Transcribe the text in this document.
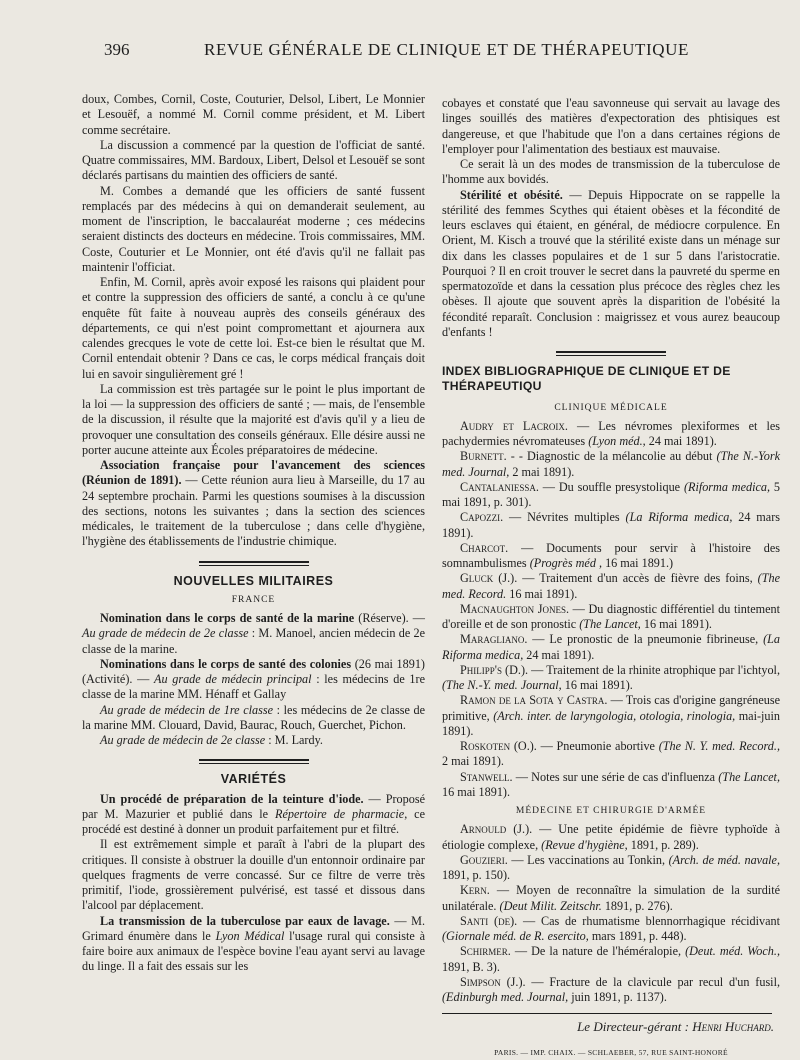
396	REVUE GÉNÉRALE DE CLINIQUE ET DE THÉRAPEUTIQUE

doux, Combes, Cornil, Coste, Couturier, Delsol, Libert, Le Monnier et Lesouëf, a nommé M. Cornil comme président, et M. Libert comme secrétaire.

La discussion a commencé par la question de l'officiat de santé. Quatre commissaires, MM. Bardoux, Libert, Delsol et Lesouëf se sont déclarés partisans du maintien des officiers de santé.

M. Combes a demandé que les officiers de santé fussent remplacés par des médecins à qui on demanderait seulement, au moment de l'inscription, le baccalauréat moderne ; ces médecins seraient distincts des docteurs en médecine. Trois commissaires, MM. Coste, Couturier et Le Monnier, ont été d'avis qu'il ne fallait pas maintenir l'officiat.

Enfin, M. Cornil, après avoir exposé les raisons qui plaident pour et contre la suppression des officiers de santé, a conclu à ce qu'une enquête fût faite à nouveau auprès des conseils généraux des départements, ce qui n'est point compromettant et ajournera aux calendes grecques le vote de cette loi. Est-ce bien le résultat que M. Cornil entendait obtenir ? Dans ce cas, le corps médical français doit lui en savoir singulièrement gré !

La commission est très partagée sur le point le plus important de la loi — la suppression des officiers de santé ; — mais, de l'ensemble de la discussion, il résulte que la majorité est d'avis qu'il y a lieu de provoquer une consultation des conseils généraux. Elle désire aussi ne porter aucune atteinte aux Écoles préparatoires de médecine.

Association française pour l'avancement des sciences (Réunion de 1891). — Cette réunion aura lieu à Marseille, du 17 au 24 septembre prochain. Parmi les questions soumises à la discussion des sections, notons les suivantes ; dans la section des sciences médicales, le traitement de la tuberculose ; dans celle d'hygiène, l'hygiène des établissements de l'industrie chimique.

NOUVELLES MILITAIRES
FRANCE

Nomination dans le corps de santé de la marine (Réserve). — Au grade de médecin de 2e classe : M. Manoel, ancien médecin de 2e classe de la marine.

Nominations dans le corps de santé des colonies (26 mai 1891) (Activité). — Au grade de médecin principal : les médecins de 1re classe de la marine MM. Hénaff et Gallay

Au grade de médecin de 1re classe : les médecins de 2e classe de la marine MM. Clouard, David, Baurac, Rouch, Guerchet, Pichon.

Au grade de médecin de 2e classe : M. Lardy.

VARIÉTÉS

Un procédé de préparation de la teinture d'iode. — Proposé par M. Mazurier et publié dans le Répertoire de pharmacie, ce procédé est destiné à donner un produit parfaitement pur et filtré.

Il est extrêmement simple et paraît à l'abri de la plupart des critiques. Il consiste à obstruer la douille d'un entonnoir ordinaire par quelques fragments de verre concassé. Sur ce filtre de verre très primitif, l'iode, grossièrement pulvérisé, est tassé et dissous dans l'alcool par déplacement.

La transmission de la tuberculose par eaux de lavage. — M. Grimard énumère dans le Lyon Médical l'usage rural qui consiste à faire boire aux animaux de l'espèce bovine l'eau ayant servi au lavage du linge. Il a fait des essais sur les

cobayes et constaté que l'eau savonneuse qui servait au lavage des linges souillés des matières d'expectoration des phtisiques est dangereuse, et que l'habitude que l'on a dans certaines régions de l'employer pour l'alimentation des bestiaux est mauvaise.

Ce serait là un des modes de transmission de la tuberculose de l'homme aux bovidés.

Stérilité et obésité. — Depuis Hippocrate on se rappelle la stérilité des femmes Scythes qui étaient obèses et la fécondité de leurs esclaves qui étaient, en général, de médiocre corpulence. En Orient, M. Kisch a trouvé que la stérilité existe dans un ménage sur dix dans les classes populaires et de 1 sur 5 dans l'aristocratie. Pourquoi ? Il en croit trouver le secret dans la pauvreté du sperme en spermatozoïde et dans la cessation plus précoce des règles chez les obèses. Il ajoute que souvent après la disparition de l'obésité la fécondité reparaît. Conclusion : maigrissez et vous aurez beaucoup d'enfants !

INDEX BIBLIOGRAPHIQUE DE CLINIQUE ET DE THÉRAPEUTIQU
CLINIQUE MÉDICALE

Audry et Lacroix. — Les névromes plexiformes et les pachydermies névromateuses (Lyon méd., 24 mai 1891).

Burnett. - - Diagnostic de la mélancolie au début (The N.-York med. Journal, 2 mai 1891).

Cantalaniessa. — Du souffle presystolique (Riforma medica, 5 mai 1891, p. 301).

Capozzi. — Névrites multiples (La Riforma medica, 24 mars 1891).

Charcot. — Documents pour servir à l'histoire des somnambulismes (Progrès méd , 16 mai 1891.)

Gluck (J.). — Traitement d'un accès de fièvre des foins, (The med. Record. 16 mai 1891).

Macnaughton Jones. — Du diagnostic différentiel du tintement d'oreille et de son pronostic (The Lancet, 16 mai 1891).

Maragliano. — Le pronostic de la pneumonie fibrineuse, (La Riforma medica, 24 mai 1891).

Philipp's (D.). — Traitement de la rhinite atrophique par l'ichtyol, (The N.-Y. med. Journal, 16 mai 1891).

Ramon de la Sota y Castra. — Trois cas d'origine gangréneuse primitive, (Arch. inter. de laryngologia, otologia, rinologia, mai-juin 1891).

Roskoten (O.). — Pneumonie abortive (The N. Y. med. Record., 2 mai 1891).

Stanwell. — Notes sur une série de cas d'influenza (The Lancet, 16 mai 1891).

MÉDECINE ET CHIRURGIE D'ARMÉE

Arnould (J.). — Une petite épidémie de fièvre typhoïde à étiologie complexe, (Revue d'hygiène, 1891, p. 289).

Gouzieri. — Les vaccinations au Tonkin, (Arch. de méd. navale, 1891, p. 150).

Kern. — Moyen de reconnaître la simulation de la surdité unilatérale. (Deut Milit. Zeitschr. 1891, p. 276).

Santi (de). — Cas de rhumatisme blennorrhagique récidivant (Giornale méd. de R. esercito, mars 1891, p. 448).

Schirmer. — De la nature de l'héméralopie, (Deut. méd. Woch., 1891, B. 3).

Simpson (J.). — Fracture de la clavicule par recul d'un fusil, (Edinburgh med. Journal, juin 1891, p. 1137).

Le Directeur-gérant : Henri Huchard.
PARIS. — IMP. CHAIX. — SCHLAEBER, 57, RUE SAINT-HONORÉ
